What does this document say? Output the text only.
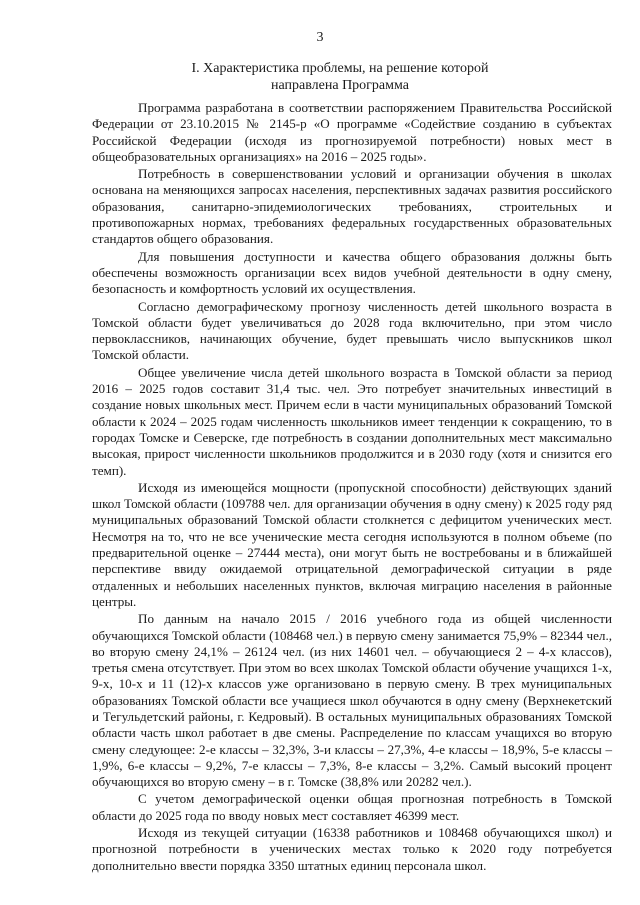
3
I. Характеристика проблемы, на решение которой
направлена Программа

Программа разработана в соответствии распоряжением Правительства Российской Федерации от 23.10.2015 № 2145-р «О программе «Содействие созданию в субъектах Российской Федерации (исходя из прогнозируемой потребности) новых мест в общеобразовательных организациях» на 2016 – 2025 годы».

Потребность в совершенствовании условий и организации обучения в школах основана на меняющихся запросах населения, перспективных задачах развития российского образования, санитарно-эпидемиологических требованиях, строительных и противопожарных нормах, требованиях федеральных государственных образовательных стандартов общего образования.

Для повышения доступности и качества общего образования должны быть обеспечены возможность организации всех видов учебной деятельности в одну смену, безопасность и комфортность условий их осуществления.

Согласно демографическому прогнозу численность детей школьного возраста в Томской области будет увеличиваться до 2028 года включительно, при этом число первоклассников, начинающих обучение, будет превышать число выпускников школ Томской области.

Общее увеличение числа детей школьного возраста в Томской области за период 2016 – 2025 годов составит 31,4 тыс. чел. Это потребует значительных инвестиций в создание новых школьных мест. Причем если в части муниципальных образований Томской области к 2024 – 2025 годам численность школьников имеет тенденции к сокращению, то в городах Томске и Северске, где потребность в создании дополнительных мест максимально высокая, прирост численности школьников продолжится и в 2030 году (хотя и снизится его темп).

Исходя из имеющейся мощности (пропускной способности) действующих зданий школ Томской области (109788 чел. для организации обучения в одну смену) к 2025 году ряд муниципальных образований Томской области столкнется с дефицитом ученических мест. Несмотря на то, что не все ученические места сегодня используются в полном объеме (по предварительной оценке – 27444 места), они могут быть не востребованы и в ближайшей перспективе ввиду ожидаемой отрицательной демографической ситуации в ряде отдаленных и небольших населенных пунктов, включая миграцию населения в районные центры.

По данным на начало 2015 / 2016 учебного года из общей численности обучающихся Томской области (108468 чел.) в первую смену занимается 75,9% – 82344 чел., во вторую смену 24,1% – 26124 чел. (из них 14601 чел. – обучающиеся 2 – 4-х классов), третья смена отсутствует. При этом во всех школах Томской области обучение учащихся 1-х, 9-х, 10-х и 11 (12)-х классов уже организовано в первую смену. В трех муниципальных образованиях Томской области все учащиеся школ обучаются в одну смену (Верхнекетский и Тегульдетский районы, г. Кедровый). В остальных муниципальных образованиях Томской области часть школ работает в две смены. Распределение по классам учащихся во вторую смену следующее: 2-е классы – 32,3%, 3-и классы – 27,3%, 4-е классы – 18,9%, 5-е классы – 1,9%, 6-е классы – 9,2%, 7-е классы – 7,3%, 8-е классы – 3,2%. Самый высокий процент обучающихся во вторую смену – в г. Томске (38,8% или 20282 чел.).

С учетом демографической оценки общая прогнозная потребность в Томской области до 2025 года по вводу новых мест составляет 46399 мест.

Исходя из текущей ситуации (16338 работников и 108468 обучающихся школ) и прогнозной потребности в ученических местах только к 2020 году потребуется дополнительно ввести порядка 3350 штатных единиц персонала школ.
